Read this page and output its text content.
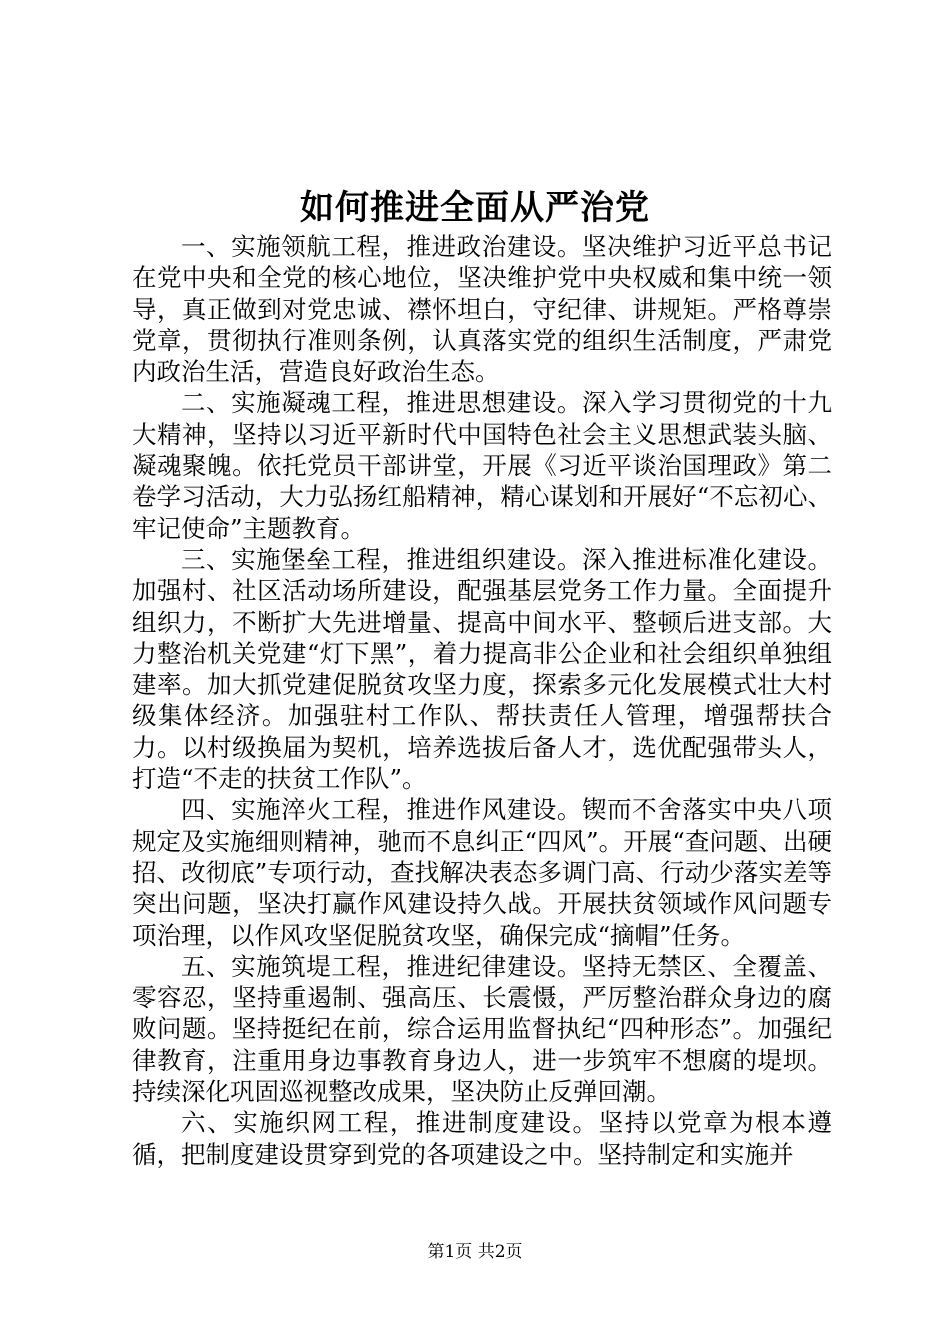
如何推进全面从严治党

一、实施领航工程，推进政治建设。坚决维护习近平总书记在党中央和全党的核心地位，坚决维护党中央权威和集中统一领导，真正做到对党忠诚、襟怀坦白，守纪律、讲规矩。严格尊崇党章，贯彻执行准则条例，认真落实党的组织生活制度，严肃党内政治生活，营造良好政治生态。

二、实施凝魂工程，推进思想建设。深入学习贯彻党的十九大精神，坚持以习近平新时代中国特色社会主义思想武装头脑、凝魂聚魄。依托党员干部讲堂，开展《习近平谈治国理政》第二卷学习活动，大力弘扬红船精神，精心谋划和开展好“不忘初心、牢记使命”主题教育。

三、实施堡垒工程，推进组织建设。深入推进标准化建设。加强村、社区活动场所建设，配强基层党务工作力量。全面提升组织力，不断扩大先进增量、提高中间水平、整顿后进支部。大力整治机关党建“灯下黑”，着力提高非公企业和社会组织单独组建率。加大抓党建促脱贫攻坚力度，探索多元化发展模式壮大村级集体经济。加强驻村工作队、帮扶责任人管理，增强帮扶合力。以村级换届为契机，培养选拔后备人才，选优配强带头人，打造“不走的扶贫工作队”。

四、实施淬火工程，推进作风建设。锲而不舍落实中央八项规定及实施细则精神，驰而不息纠正“四风”。开展“查问题、出硬招、改彻底”专项行动，查找解决表态多调门高、行动少落实差等突出问题，坚决打赢作风建设持久战。开展扶贫领域作风问题专项治理，以作风攻坚促脱贫攻坚，确保完成“摘帽”任务。

五、实施筑堤工程，推进纪律建设。坚持无禁区、全覆盖、零容忍，坚持重遏制、强高压、长震慑，严厉整治群众身边的腐败问题。坚持挺纪在前，综合运用监督执纪“四种形态”。加强纪律教育，注重用身边事教育身边人，进一步筑牢不想腐的堤坝。持续深化巩固巡视整改成果，坚决防止反弹回潮。

六、实施织网工程，推进制度建设。坚持以党章为根本遵循，把制度建设贯穿到党的各项建设之中。坚持制定和实施并

第1页 共2页
